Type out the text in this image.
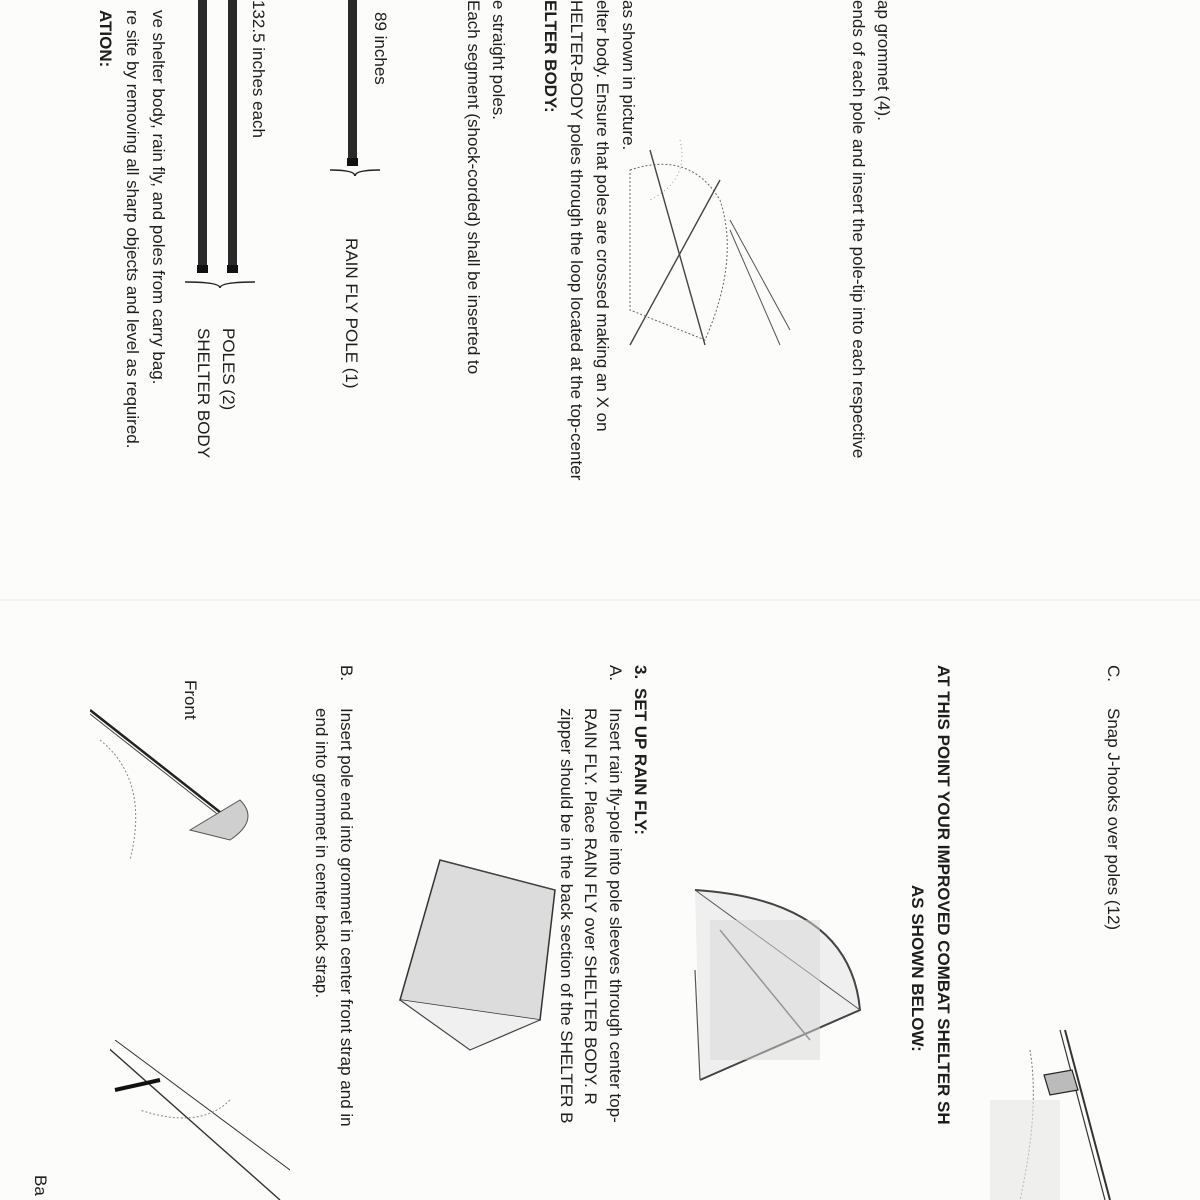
ATION: re site by removing all sharp objects and level as required. ve shelter body, rain fly, and poles from carry bag.	132.5 inches each
SHELTER BODY POLES (2)
89 inches
RAIN FLY POLE (1)	Each segment (shock-corded) shall be inserted to e straight poles. ELTER BODY: HELTER-BODY poles through the loop located at the top-center elter body. Ensure that poles are crossed making an X on as shown in picture.	ends of each pole and insert the pole-tip into each respective ap grommet (4).
C.
Snap J-hooks over poles (12)
AT THIS POINT YOUR IMPROVED COMBAT SHELTER SH
AS SHOWN BELOW:
3.
SET UP RAIN FLY:
A.
Insert rain fly-pole into pole sleeves through center top-
RAIN FLY. Place RAIN FLY over SHELTER BODY. R
zipper should be in the back section of the SHELTER B
B.
Insert pole end into grommet in center front strap and in
end into grommet in center back strap.
Front
Ba
